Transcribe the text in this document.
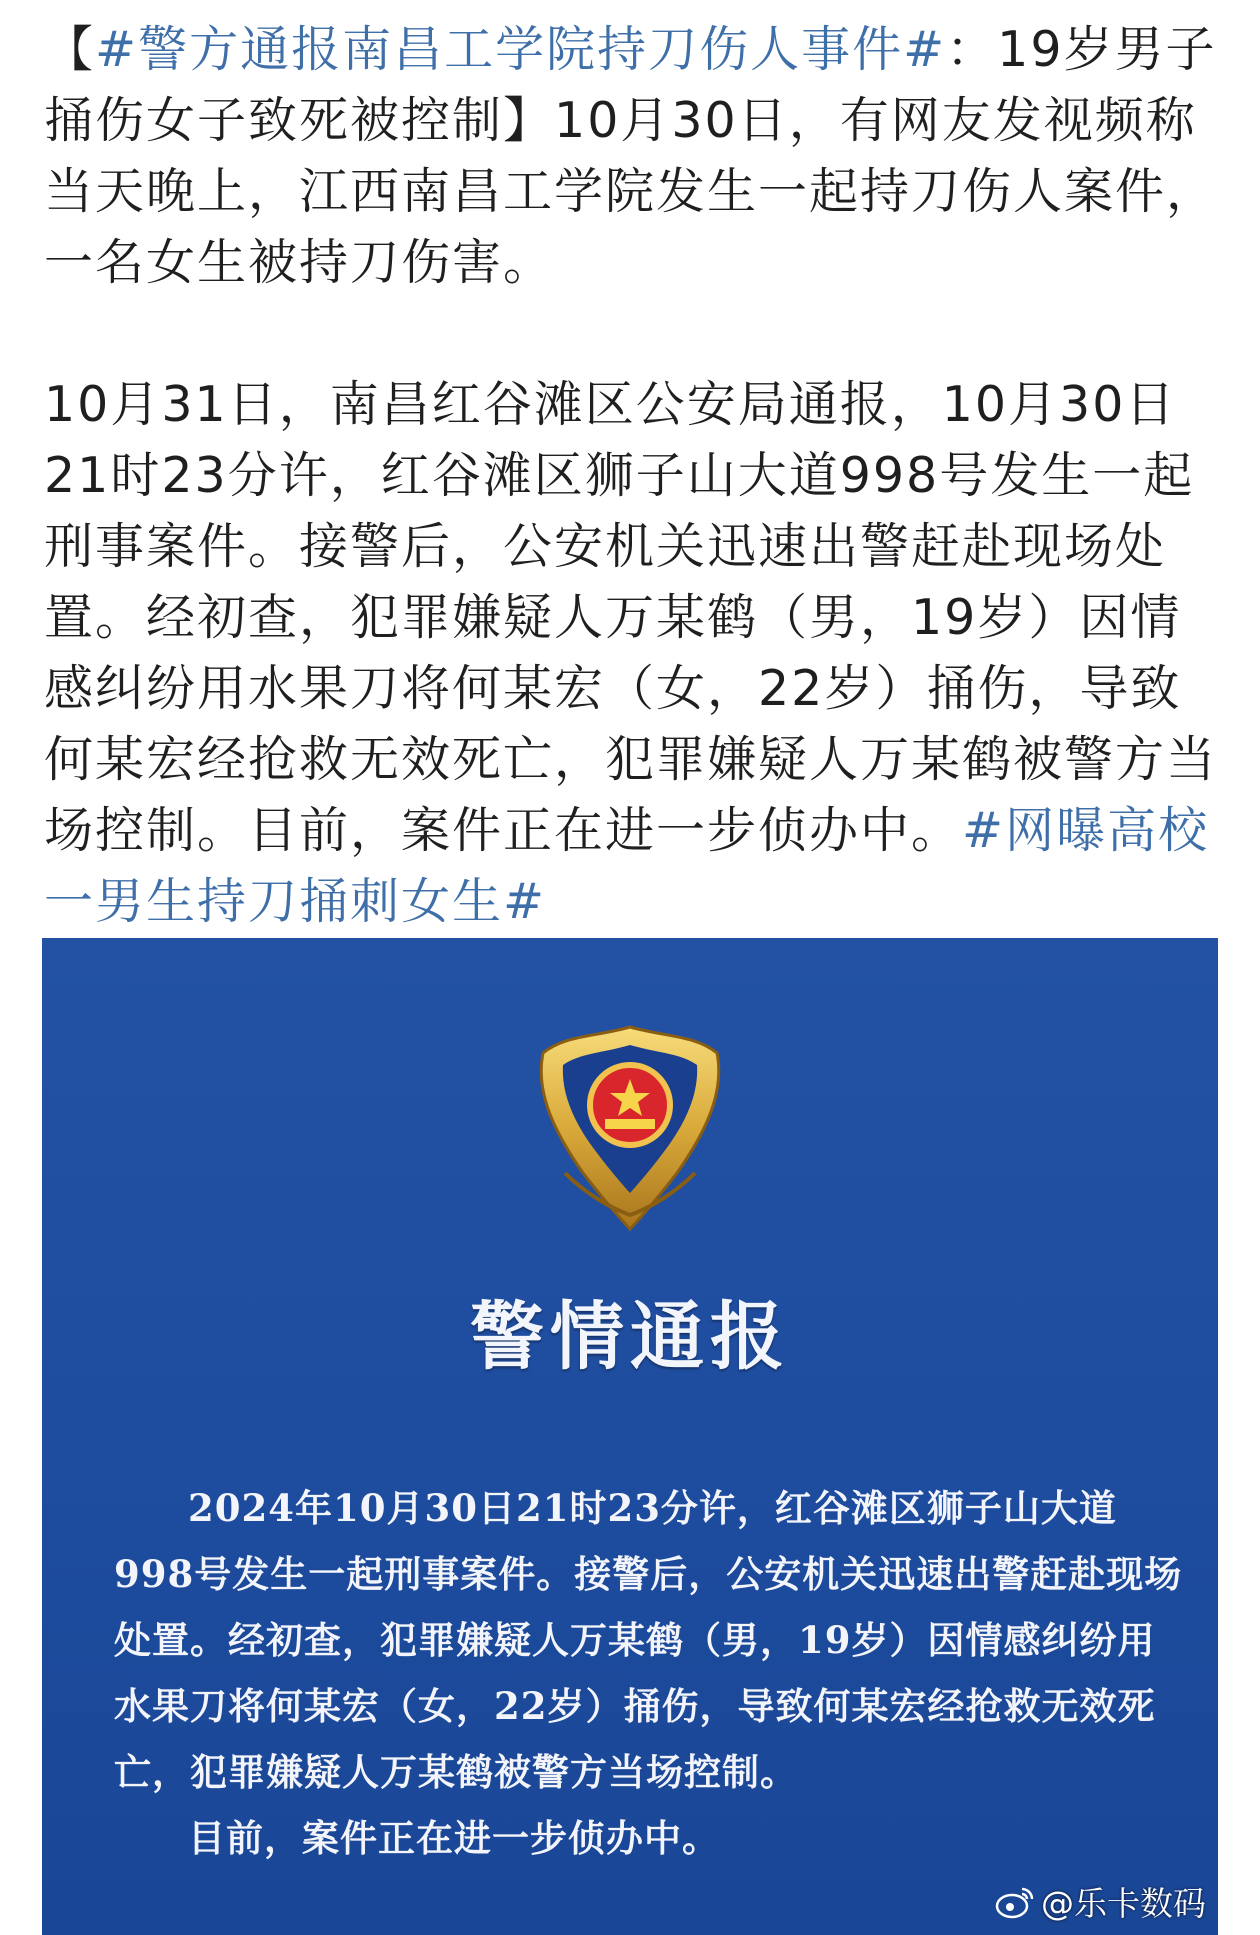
【#警方通报南昌工学院持刀伤人事件#：19岁男子捅伤女子致死被控制】10月30日，有网友发视频称当天晚上，江西南昌工学院发生一起持刀伤人案件，一名女生被持刀伤害。

10月31日，南昌红谷滩区公安局通报，10月30日21时23分许，红谷滩区狮子山大道998号发生一起刑事案件。接警后，公安机关迅速出警赶赴现场处置。经初查，犯罪嫌疑人万某鹤（男，19岁）因情感纠纷用水果刀将何某宏（女，22岁）捅伤，导致何某宏经抢救无效死亡，犯罪嫌疑人万某鹤被警方当场控制。目前，案件正在进一步侦办中。#网曝高校一男生持刀捅刺女生#

警情通报

2024年10月30日21时23分许，红谷滩区狮子山大道998号发生一起刑事案件。接警后，公安机关迅速出警赶赴现场处置。经初查，犯罪嫌疑人万某鹤（男，19岁）因情感纠纷用水果刀将何某宏（女，22岁）捅伤，导致何某宏经抢救无效死亡，犯罪嫌疑人万某鹤被警方当场控制。

目前，案件正在进一步侦办中。

@乐卡数码
